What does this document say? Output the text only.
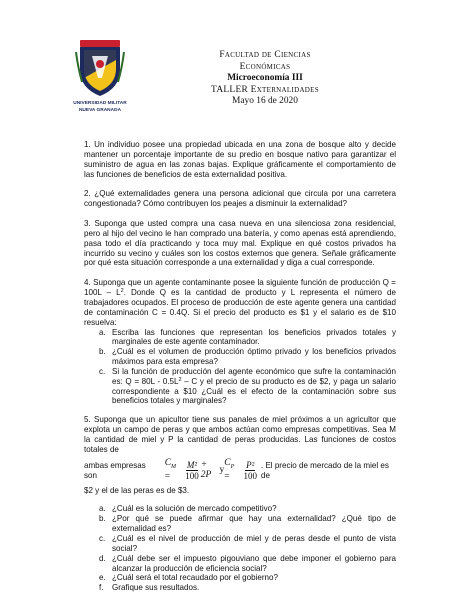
UNIVERSIDAD MILITAR
NUEVA GRANADA
Facultad de Ciencias
Económicas
Microeconomía III
TALLER Externalidades
Mayo 16 de 2020
1. Un individuo posee una propiedad ubicada en una zona de bosque alto y decide mantener un porcentaje importante de su predio en bosque nativo para garantizar el suministro de agua en las zonas bajas. Explique gráficamente el comportamiento de las funciones de beneficios de esta externalidad positiva.
2. ¿Qué externalidades genera una persona adicional que circula por una carretera congestionada? Cómo contribuyen los peajes a disminuir la externalidad?
3. Suponga que usted compra una casa nueva en una silenciosa zona residencial, pero al hijo del vecino le han comprado una batería, y como apenas está aprendiendo, pasa todo el día practicando y toca muy mal. Explique en qué costos privados ha incurrido su vecino y cuáles son los costos externos que genera. Señale gráficamente por qué esta situación corresponde a una externalidad y diga a cual corresponde.
4. Suponga que un agente contaminante posee la siguiente función de producción $Q = 100L - L^2$. Donde Q es la cantidad de producto y L representa el número de trabajadores ocupados. El proceso de producción de este agente genera una cantidad de contaminación C = 0.4Q. Si el precio del producto es $1 y el salario es de $10 resuelva:
a. Escriba las funciones que representan los beneficios privados totales y marginales de este agente contaminador.
b. ¿Cuál es el volumen de producción óptimo privado y los beneficios privados máximos para esta empresa?
c. Si la función de producción del agente económico que sufre la contaminación es: $Q = 80L - 0.5L^2 - C$ y el precio de su producto es de $2, y paga un salario correspondiente a $10 ¿Cuál es el efecto de la contaminación sobre sus beneficios totales y marginales?
5. Suponga que un apicultor tiene sus panales de miel próximos a un agricultor que explota un campo de peras y que ambos actúan como empresas competitivas. Sea M la cantidad de miel y P la cantidad de peras producidas. Las funciones de costos totales de
ambas empresas son
$C_M$ =	$\frac{\text{M²}}{100} + 2P$ y
$C_P$ =	$\frac{\text{P²}}{100}$ . El precio de mercado de la miel es de
$2 y el de las peras es de $3.
a. ¿Cuál es la solución de mercado competitivo?
b. ¿Por qué se puede afirmar que hay una externalidad? ¿Qué tipo de externalidad es?
c. ¿Cuál es el nivel de producción de miel y de peras desde el punto de vista social?
d. ¿Cuál debe ser el impuesto pigouviano que debe imponer el gobierno para alcanzar la producción de eficiencia social?
e. ¿Cuál será el total recaudado por el gobierno?
f. Grafique sus resultados.
